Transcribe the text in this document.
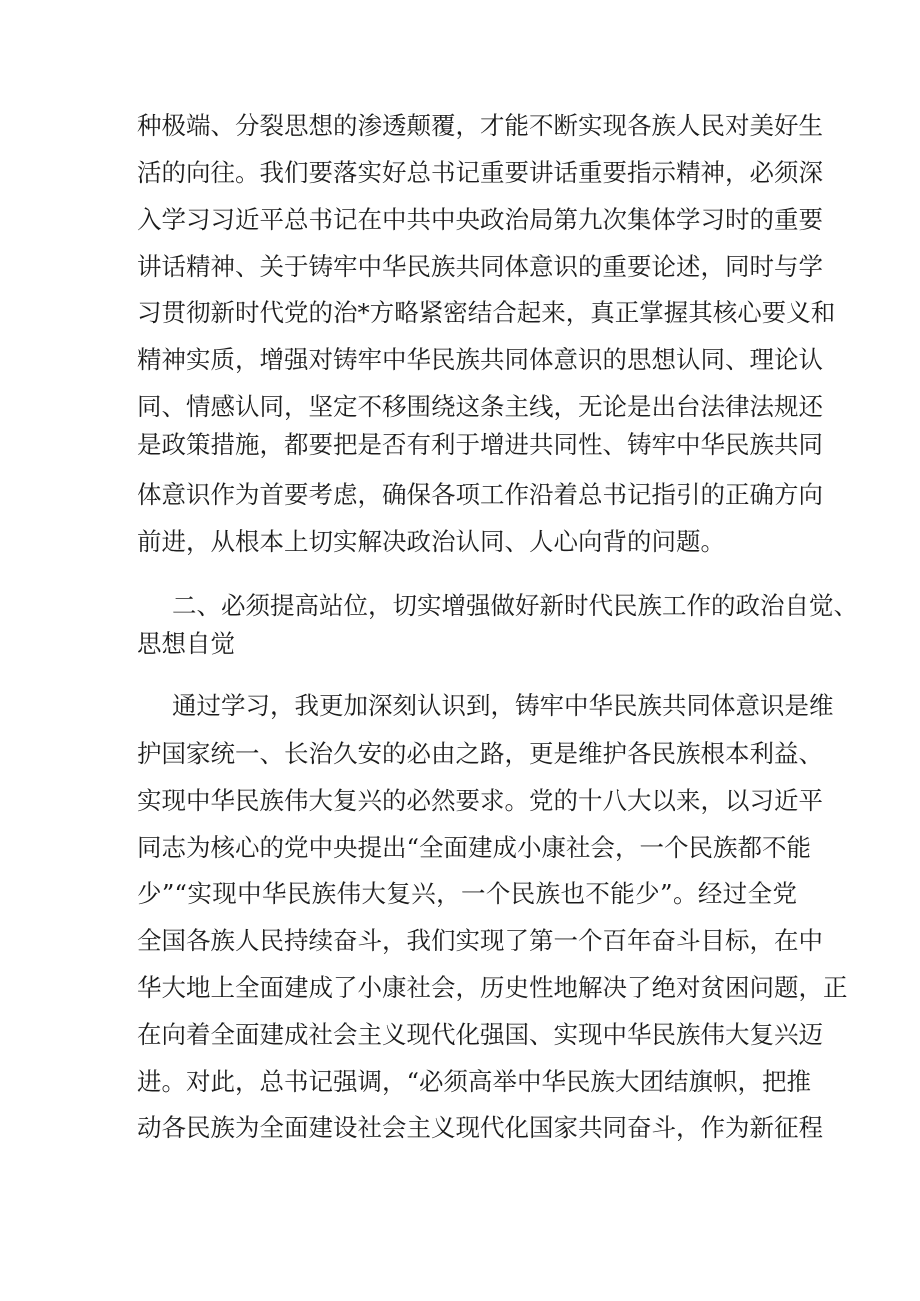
种极端、分裂思想的渗透颠覆，才能不断实现各族人民对美好生
活的向往。我们要落实好总书记重要讲话重要指示精神，必须深
入学习习近平总书记在中共中央政治局第九次集体学习时的重要
讲话精神、关于铸牢中华民族共同体意识的重要论述，同时与学
习贯彻新时代党的治*方略紧密结合起来，真正掌握其核心要义和
精神实质，增强对铸牢中华民族共同体意识的思想认同、理论认
同、情感认同，坚定不移围绕这条主线，无论是出台法律法规还
是政策措施，都要把是否有利于增进共同性、铸牢中华民族共同
体意识作为首要考虑，确保各项工作沿着总书记指引的正确方向
前进，从根本上切实解决政治认同、人心向背的问题。
二、必须提高站位，切实增强做好新时代民族工作的政治自觉、
思想自觉
通过学习，我更加深刻认识到，铸牢中华民族共同体意识是维
护国家统一、长治久安的必由之路，更是维护各民族根本利益、
实现中华民族伟大复兴的必然要求。党的十八大以来，以习近平
同志为核心的党中央提出“全面建成小康社会，一个民族都不能
少”“实现中华民族伟大复兴，一个民族也不能少”。经过全党
全国各族人民持续奋斗，我们实现了第一个百年奋斗目标，在中
华大地上全面建成了小康社会，历史性地解决了绝对贫困问题，正
在向着全面建成社会主义现代化强国、实现中华民族伟大复兴迈
进。对此，总书记强调，“必须高举中华民族大团结旗帜，把推
动各民族为全面建设社会主义现代化国家共同奋斗，作为新征程
